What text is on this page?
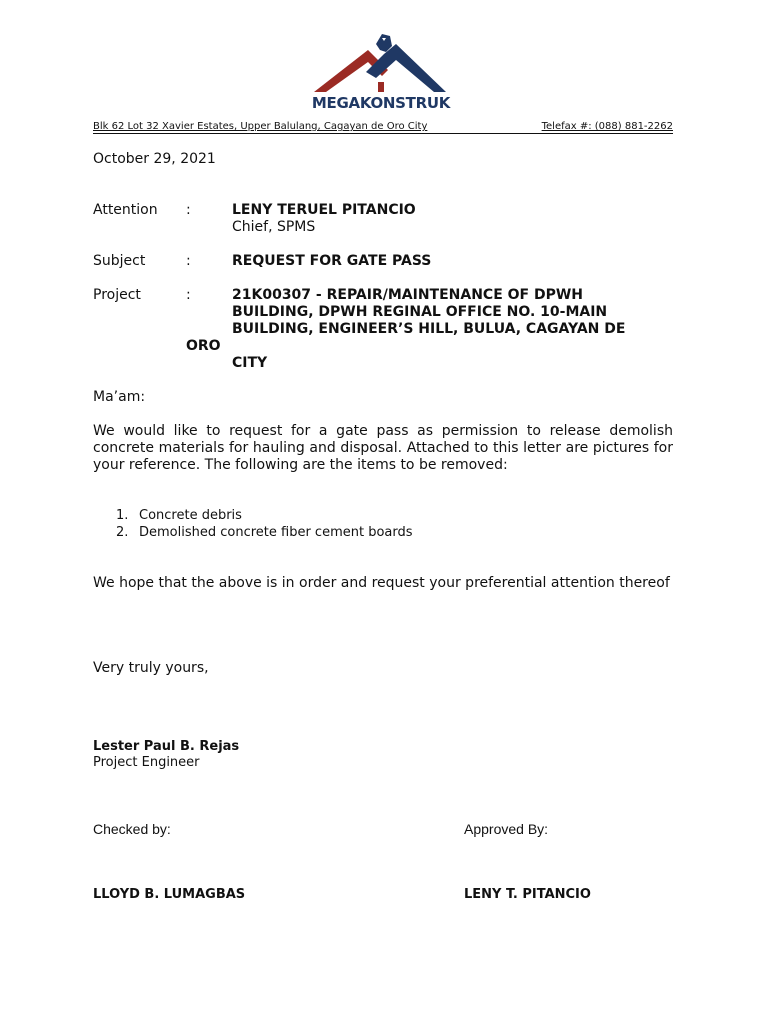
MEGAKONSTRUK
Blk 62 Lot 32 Xavier Estates, Upper Balulang, Cagayan de Oro City	Telefax #: (088) 881-2262
October 29, 2021
Attention :	LENY TERUEL PITANCIO
Chief, SPMS
Subject	:	REQUEST FOR GATE PASS
Project	:	21K00307 - REPAIR/MAINTENANCE OF DPWH
BUILDING, DPWH REGINAL OFFICE NO. 10-MAIN
BUILDING, ENGINEER’S HILL, BULUA, CAGAYAN DE
ORO
CITY
Ma’am:
We would like to request for a gate pass as permission to release demolish concrete materials for hauling and disposal. Attached to this letter are pictures for your reference. The following are the items to be removed:
1. Concrete debris
2. Demolished concrete fiber cement boards
We hope that the above is in order and request your preferential attention thereof
Very truly yours,
Lester Paul B. Rejas
Project Engineer
Checked by:	Approved By:
LLOYD B. LUMAGBAS	LENY T. PITANCIO
